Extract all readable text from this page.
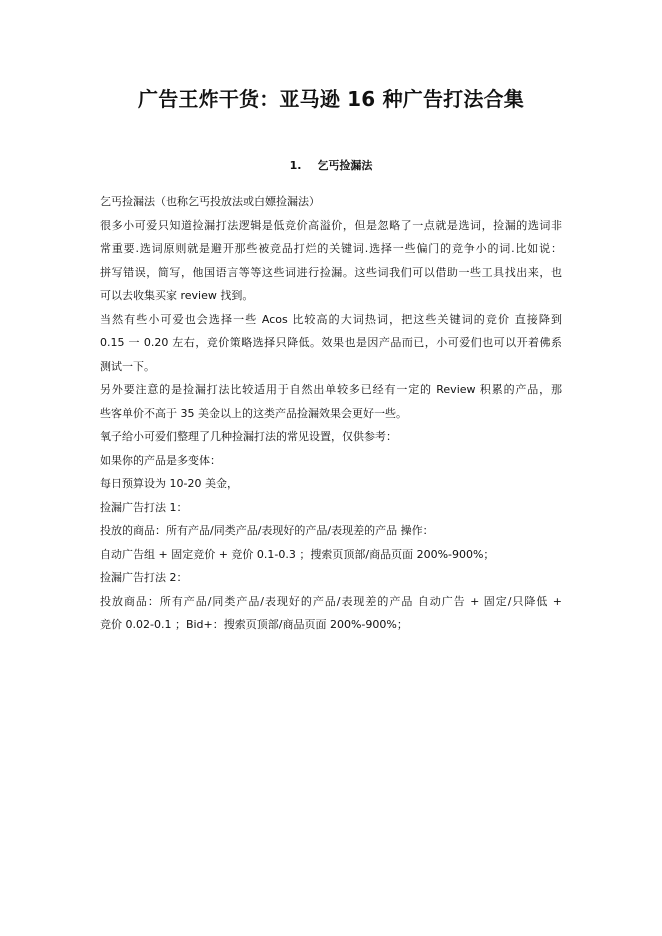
广告王炸干货：亚马逊 16 种广告打法合集
1. 乞丐捡漏法

乞丐捡漏法（也称乞丐投放法或白嫖捡漏法）

很多小可爱只知道捡漏打法逻辑是低竞价高溢价，但是忽略了一点就是选词，捡漏的选词非

常重要.选词原则就是避开那些被竞品打烂的关键词.选择一些偏门的竞争小的词.比如说：

拼写错误，简写，他国语言等等这些词进行捡漏。这些词我们可以借助一些工具找出来，也

可以去收集买家 review 找到。

当然有些小可爱也会选择一些 Acos 比较高的大词热词，把这些关键词的竞价 直接降到

0.15 一 0.20 左右，竞价策略选择只降低。效果也是因产品而已，小可爱们也可以开着佛系

测试一下。

另外要注意的是捡漏打法比较适用于自然出单较多已经有一定的 Review 积累的产品，那

些客单价不高于 35 美金以上的这类产品捡漏效果会更好一些。

氧子给小可爱们整理了几种捡漏打法的常见设置，仅供参考：

如果你的产品是多变体：

每日预算设为 10-20 美金，

捡漏广告打法 1：

投放的商品：所有产品/同类产品/表现好的产品/表现差的产品 操作：

自动广告组 + 固定竞价 + 竞价 0.1-0.3 ；搜索页顶部/商品页面 200%-900%；

捡漏广告打法 2：

投放商品：所有产品/同类产品/表现好的产品/表现差的产品 自动广告 + 固定/只降低 +

竞价 0.02-0.1 ；Bid+：搜索页顶部/商品页面 200%-900%；
